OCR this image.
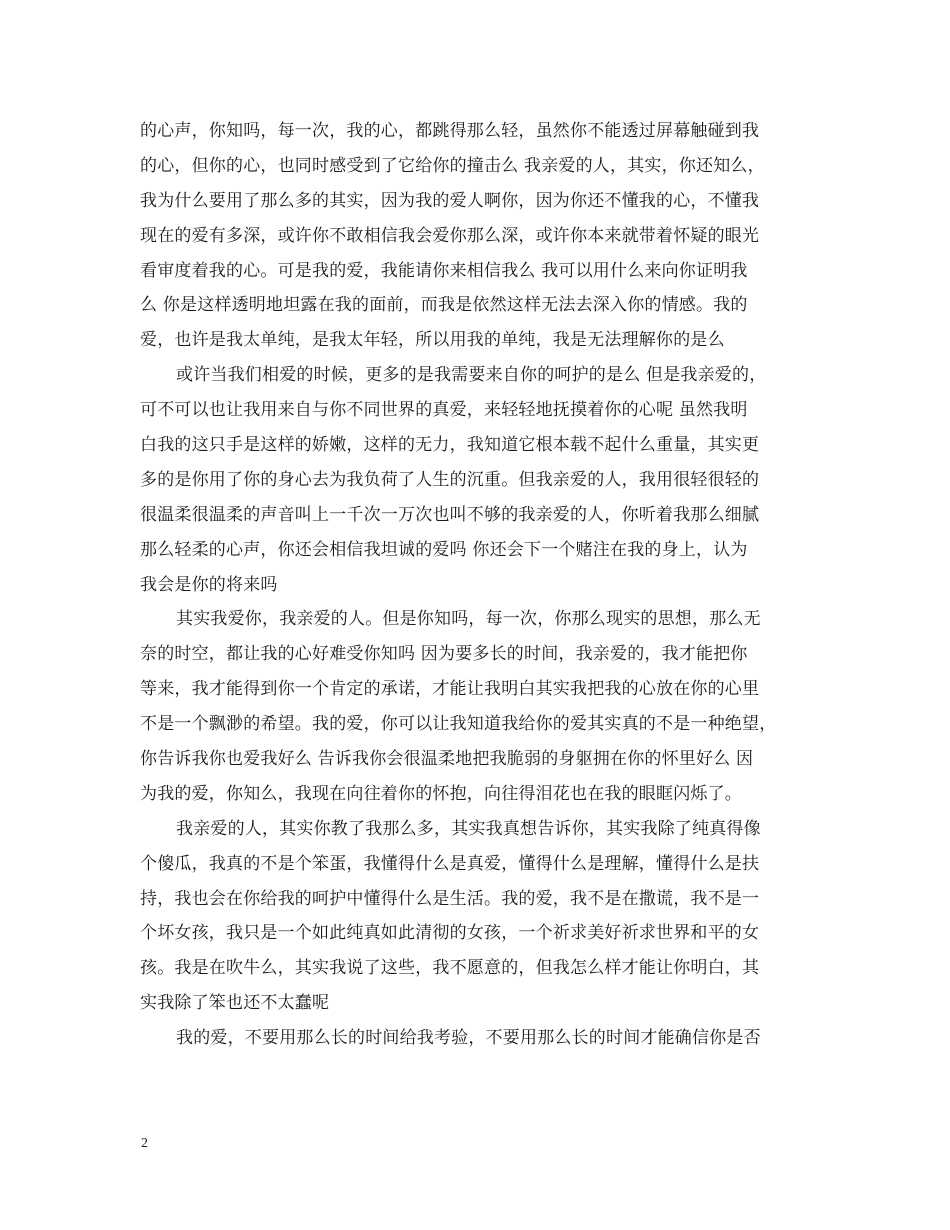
的心声，你知吗，每一次，我的心，都跳得那么轻，虽然你不能透过屏幕触碰到我
的心，但你的心，也同时感受到了它给你的撞击么 我亲爱的人，其实，你还知么，
我为什么要用了那么多的其实，因为我的爱人啊你，因为你还不懂我的心，不懂我
现在的爱有多深，或许你不敢相信我会爱你那么深，或许你本来就带着怀疑的眼光
看审度着我的心。可是我的爱，我能请你来相信我么 我可以用什么来向你证明我
么 你是这样透明地坦露在我的面前，而我是依然这样无法去深入你的情感。我的
爱，也许是我太单纯，是我太年轻，所以用我的单纯，我是无法理解你的是么
或许当我们相爱的时候，更多的是我需要来自你的呵护的是么 但是我亲爱的，
可不可以也让我用来自与你不同世界的真爱，来轻轻地抚摸着你的心呢 虽然我明
白我的这只手是这样的娇嫩，这样的无力，我知道它根本载不起什么重量，其实更
多的是你用了你的身心去为我负荷了人生的沉重。但我亲爱的人，我用很轻很轻的
很温柔很温柔的声音叫上一千次一万次也叫不够的我亲爱的人，你听着我那么细腻
那么轻柔的心声，你还会相信我坦诚的爱吗 你还会下一个赌注在我的身上，认为
我会是你的将来吗
其实我爱你，我亲爱的人。但是你知吗，每一次，你那么现实的思想，那么无
奈的时空，都让我的心好难受你知吗 因为要多长的时间，我亲爱的，我才能把你
等来，我才能得到你一个肯定的承诺，才能让我明白其实我把我的心放在你的心里
不是一个飘渺的希望。我的爱，你可以让我知道我给你的爱其实真的不是一种绝望，
你告诉我你也爱我好么 告诉我你会很温柔地把我脆弱的身躯拥在你的怀里好么 因
为我的爱，你知么，我现在向往着你的怀抱，向往得泪花也在我的眼眶闪烁了。
我亲爱的人，其实你教了我那么多，其实我真想告诉你，其实我除了纯真得像
个傻瓜，我真的不是个笨蛋，我懂得什么是真爱，懂得什么是理解，懂得什么是扶
持，我也会在你给我的呵护中懂得什么是生活。我的爱，我不是在撒谎，我不是一
个坏女孩，我只是一个如此纯真如此清彻的女孩，一个祈求美好祈求世界和平的女
孩。我是在吹牛么，其实我说了这些，我不愿意的，但我怎么样才能让你明白，其
实我除了笨也还不太蠢呢
我的爱，不要用那么长的时间给我考验，不要用那么长的时间才能确信你是否
2
